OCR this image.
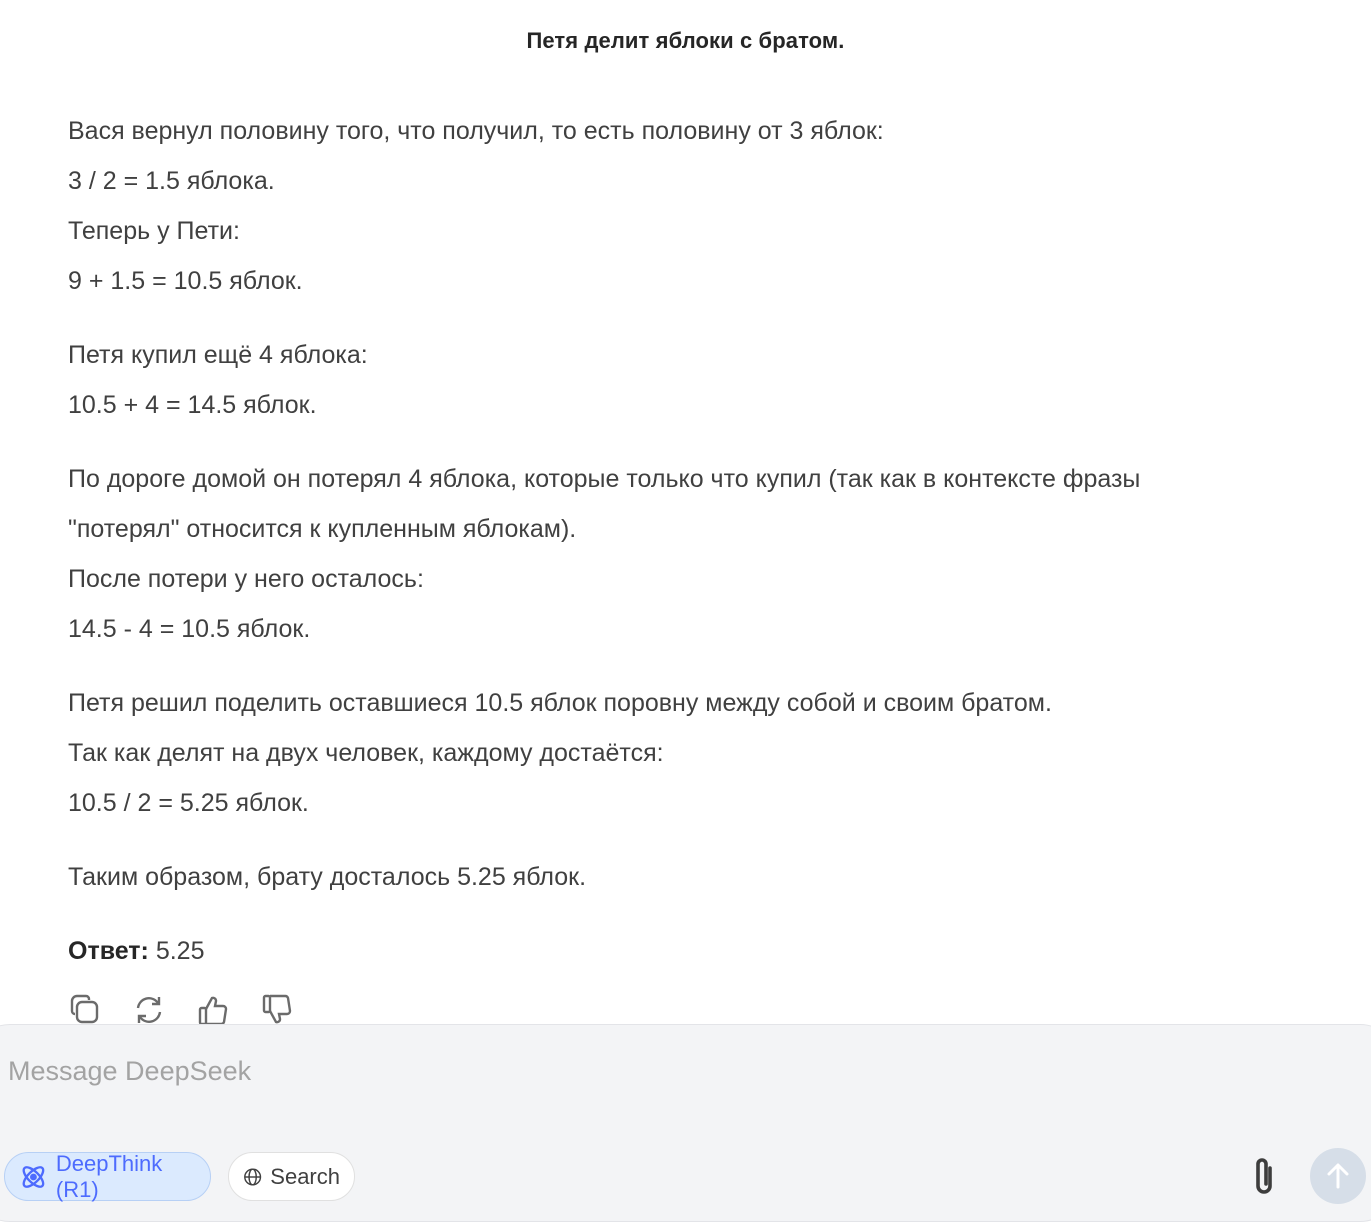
Петя делит яблоки с братом.
Вася вернул половину того, что получил, то есть половину от 3 яблок:
3 / 2 = 1.5 яблока.
Теперь у Пети:
9 + 1.5 = 10.5 яблок.
Петя купил ещё 4 яблока:
10.5 + 4 = 14.5 яблок.
По дороге домой он потерял 4 яблока, которые только что купил (так как в контексте фразы
"потерял" относится к купленным яблокам).
После потери у него осталось:
14.5 - 4 = 10.5 яблок.
Петя решил поделить оставшиеся 10.5 яблок поровну между собой и своим братом.
Так как делят на двух человек, каждому достаётся:
10.5 / 2 = 5.25 яблок.
Таким образом, брату досталось 5.25 яблок.
Ответ: 5.25
Message DeepSeek
DeepThink (R1)
Search
